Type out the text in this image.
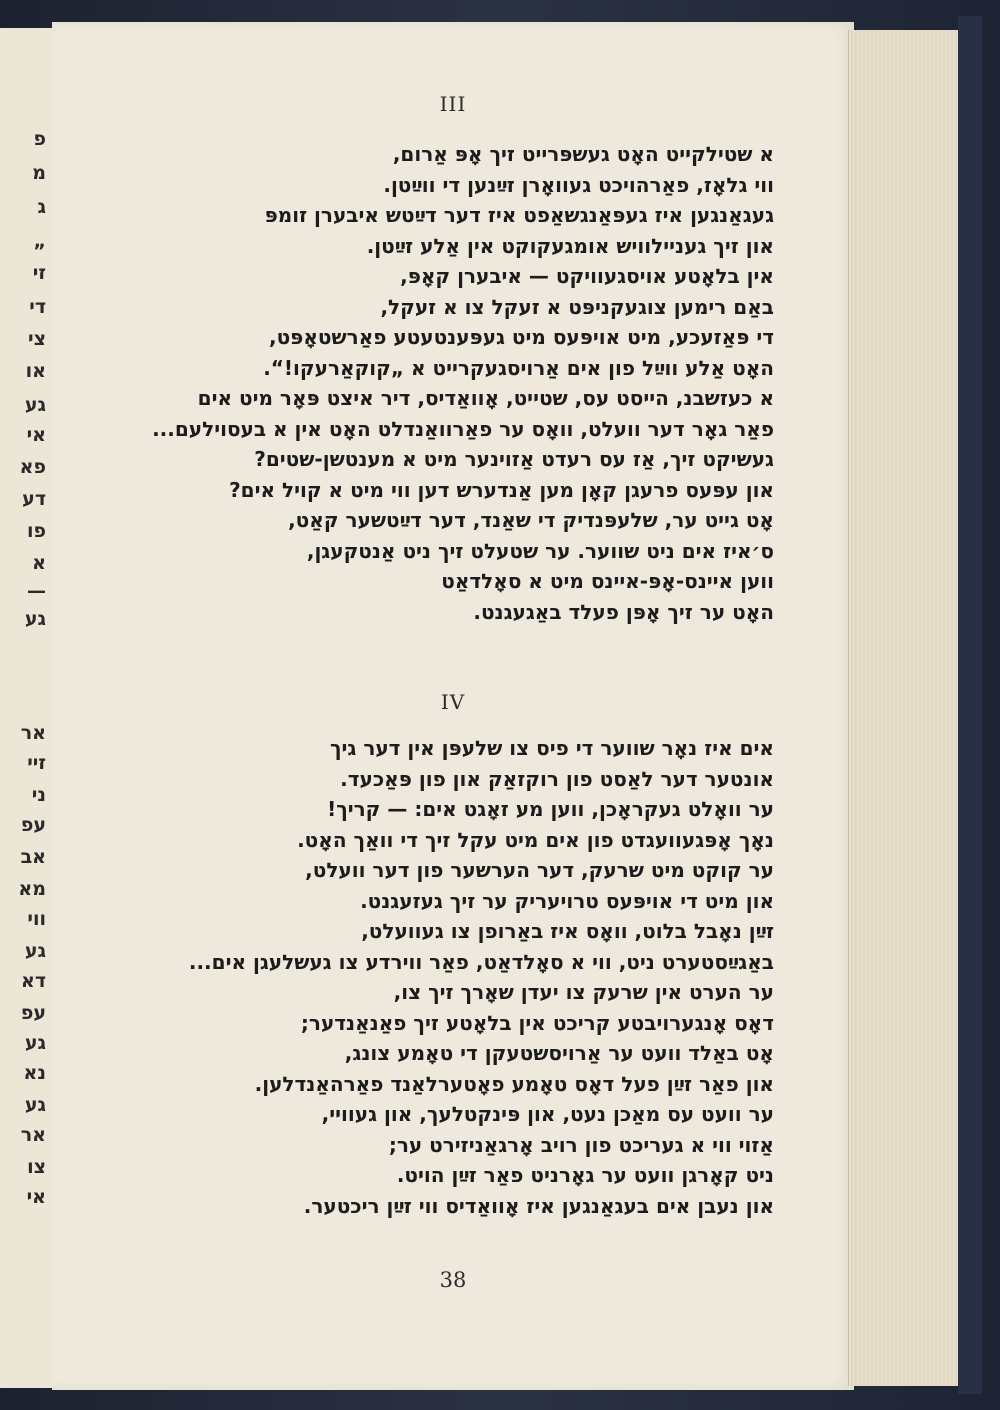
פ
מ
ג
„
זי
די
צי
או
גע
אי
פא
דע
פו
א
—
גע
אר
זיי
ני
עפ
אב
מא
ווי
גע
דא
עפ
גע
נא
גע
אר
צו
אי
III
א שטילקייט האָט געשפּרייט זיך אָפּ אַרום,
ווי גלאָז, פאַרהויכט געוואָרן זײַנען די ווײַטן.
געגאַנגען איז געפּאַנגשאַפט איז דער דײַטש איבערן זומפּ
און זיך געניילוויש אומגעקוקט אין אַלע זײַטן.
אין בלאָטע אויסגעוויקט — איבערן קאָפּ,
באַם רימען צוגעקניפּט א זעקל צו א זעקל,
די פּאַזעכע, מיט אויפּעס מיט געפּענטעטע פאַרשטאָפּט,
האָט אַלע ווײַל פון אים אַרויסגעקרייט א „קוקאַרעקו!“.
א כעזשבנ, הייסט עס, שטייט, אָוואַדיס, דיר איצט פּאָר מיט אים
פאַר גאָר דער וועלט, וואָס ער פאַרוואַנדלט האָט אין א בעסוילעם...
געשיקט זיך, אַז עס רעדט אַזוינער מיט א מענטשן-שטים?
און עפּעס פרעגן קאָן מען אַנדערש דען ווי מיט א קויל אים?
אָט גייט ער, שלעפּנדיק די שאַנד, דער דײַטשער קאַט,
ס׳איז אים ניט שווער. ער שטעלט זיך ניט אַנטקעגן,
ווען איינס-אָפּ-איינס מיט א סאָלדאַט
האָט ער זיך אָפּן פעלד באַגעגנט.
IV
אים איז נאָר שווער די פיס צו שלעפּן אין דער גיך
אונטער דער לאַסט פון רוקזאַק און פון פּאַכעד.
ער וואָלט געקראָכן, ווען מע זאָגט אים: — קריך!
נאָך אָפּגעוועגדט פון אים מיט עקל זיך די וואַך האָט.
ער קוקט מיט שרעק, דער הערשער פון דער וועלט,
און מיט די אויפּעס טרויעריק ער זיך געזעגנט.
זײַן נאָבל בלוט, וואָס איז באַרופן צו געוועלט,
באַגײַסטערט ניט, ווי א סאָלדאַט, פאַר ווירדע צו געשלעגן אים...
ער הערט אין שרעק צו יעדן שאָרך זיך צו,
דאָס אָנגערויבטע קריכט אין בלאָטע זיך פאַנאַנדער;
אָט באַלד וועט ער אַרויסשטעקן די טאָמע צונג,
און פאַר זײַן פעל דאָס טאָמע פאָטערלאַנד פאַרהאַנדלען.
ער וועט עס מאַכן נעט, און פּינקטלעך, און געוויי,
אַזוי ווי א געריכט פון רויב אָרגאַניזירט ער;
ניט קאָרגן וועט ער גאָרניט פאַר זײַן הויט.
און נעבן אים בעגאַנגען איז אָוואַדיס ווי זײַן ריכטער.
38
